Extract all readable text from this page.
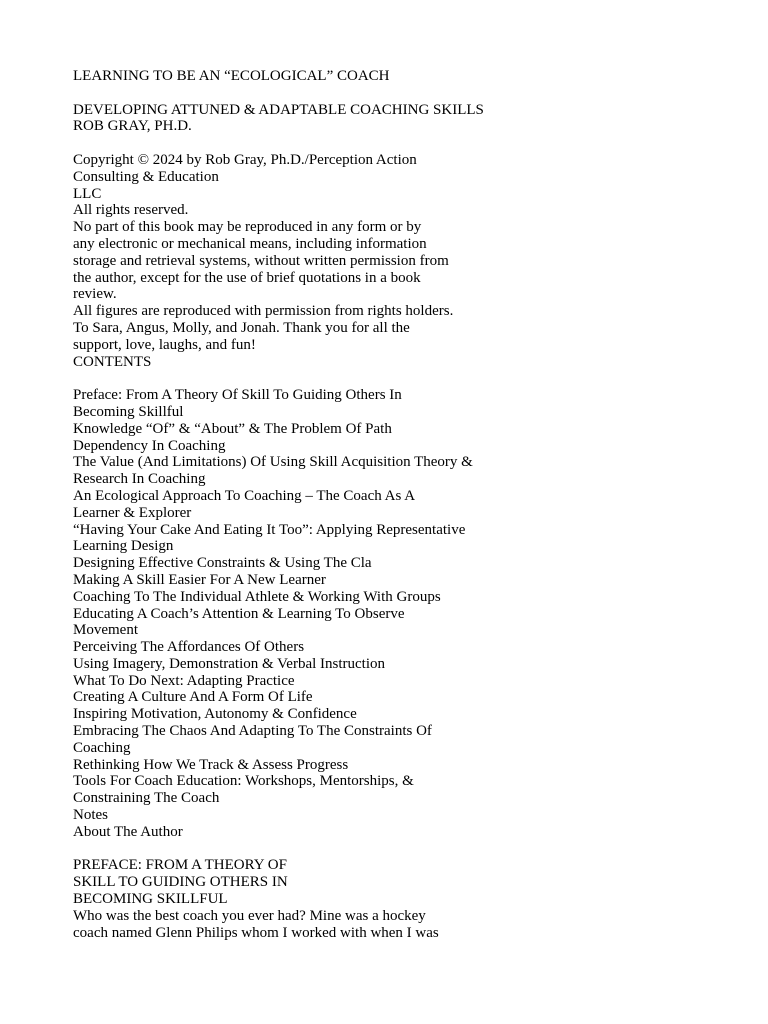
LEARNING TO BE AN “ECOLOGICAL” COACH
DEVELOPING ATTUNED & ADAPTABLE COACHING SKILLS
ROB GRAY, PH.D.
Copyright © 2024 by Rob Gray, Ph.D./Perception Action
Consulting & Education
LLC
All rights reserved.
No part of this book may be reproduced in any form or by
any electronic or mechanical means, including information
storage and retrieval systems, without written permission from
the author, except for the use of brief quotations in a book
review.
All figures are reproduced with permission from rights holders.
To Sara, Angus, Molly, and Jonah. Thank you for all the
support, love, laughs, and fun!
CONTENTS
Preface: From A Theory Of Skill To Guiding Others In
Becoming Skillful
Knowledge “Of” & “About” & The Problem Of Path
Dependency In Coaching
The Value (And Limitations) Of Using Skill Acquisition Theory &
Research In Coaching
An Ecological Approach To Coaching – The Coach As A
Learner & Explorer
“Having Your Cake And Eating It Too”: Applying Representative
Learning Design
Designing Effective Constraints & Using The Cla
Making A Skill Easier For A New Learner
Coaching To The Individual Athlete & Working With Groups
Educating A Coach’s Attention & Learning To Observe
Movement
Perceiving The Affordances Of Others
Using Imagery, Demonstration & Verbal Instruction
What To Do Next: Adapting Practice
Creating A Culture And A Form Of Life
Inspiring Motivation, Autonomy & Confidence
Embracing The Chaos And Adapting To The Constraints Of
Coaching
Rethinking How We Track & Assess Progress
Tools For Coach Education: Workshops, Mentorships, &
Constraining The Coach
Notes
About The Author
PREFACE: FROM A THEORY OF
SKILL TO GUIDING OTHERS IN
BECOMING SKILLFUL
Who was the best coach you ever had? Mine was a hockey
coach named Glenn Philips whom I worked with when I was
